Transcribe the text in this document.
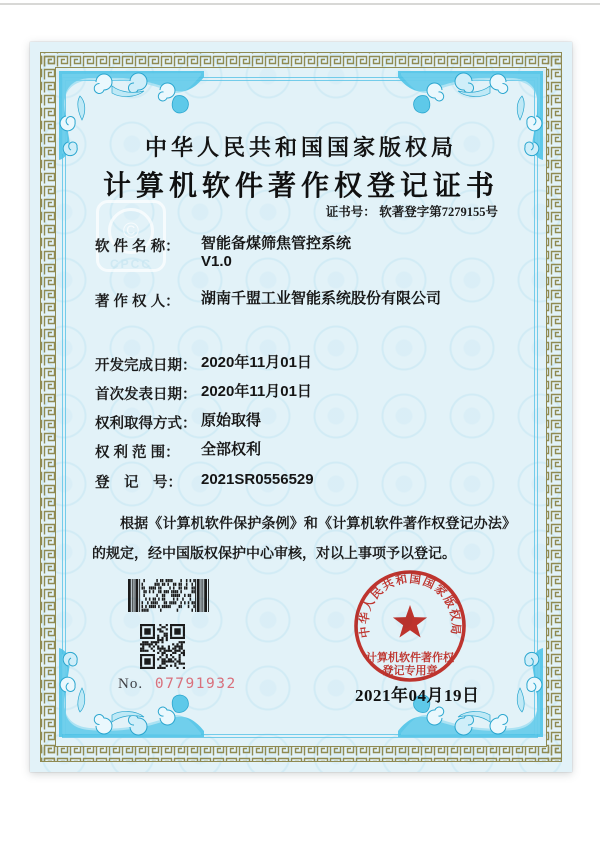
©
CPCC
中华人民共和国国家版权局
计算机软件著作权登记证书
证书号： 软著登字第7279155号
软 件 名 称：	智能备煤筛焦管控系统
V1.0
著 作 权 人：	湖南千盟工业智能系统股份有限公司
开发完成日期： 2020年11月01日
首次发表日期： 2020年11月01日
权利取得方式： 原始取得
权 利 范 围：	全部权利
登　记　号：	2021SR0556529
根据《计算机软件保护条例》和《计算机软件著作权登记办法》的规定，经中国版权保护中心审核，对以上事项予以登记。
No. 07791932
中华人民共和国国家版权局
计算机软件著作权
登记专用章
2021年04月19日
